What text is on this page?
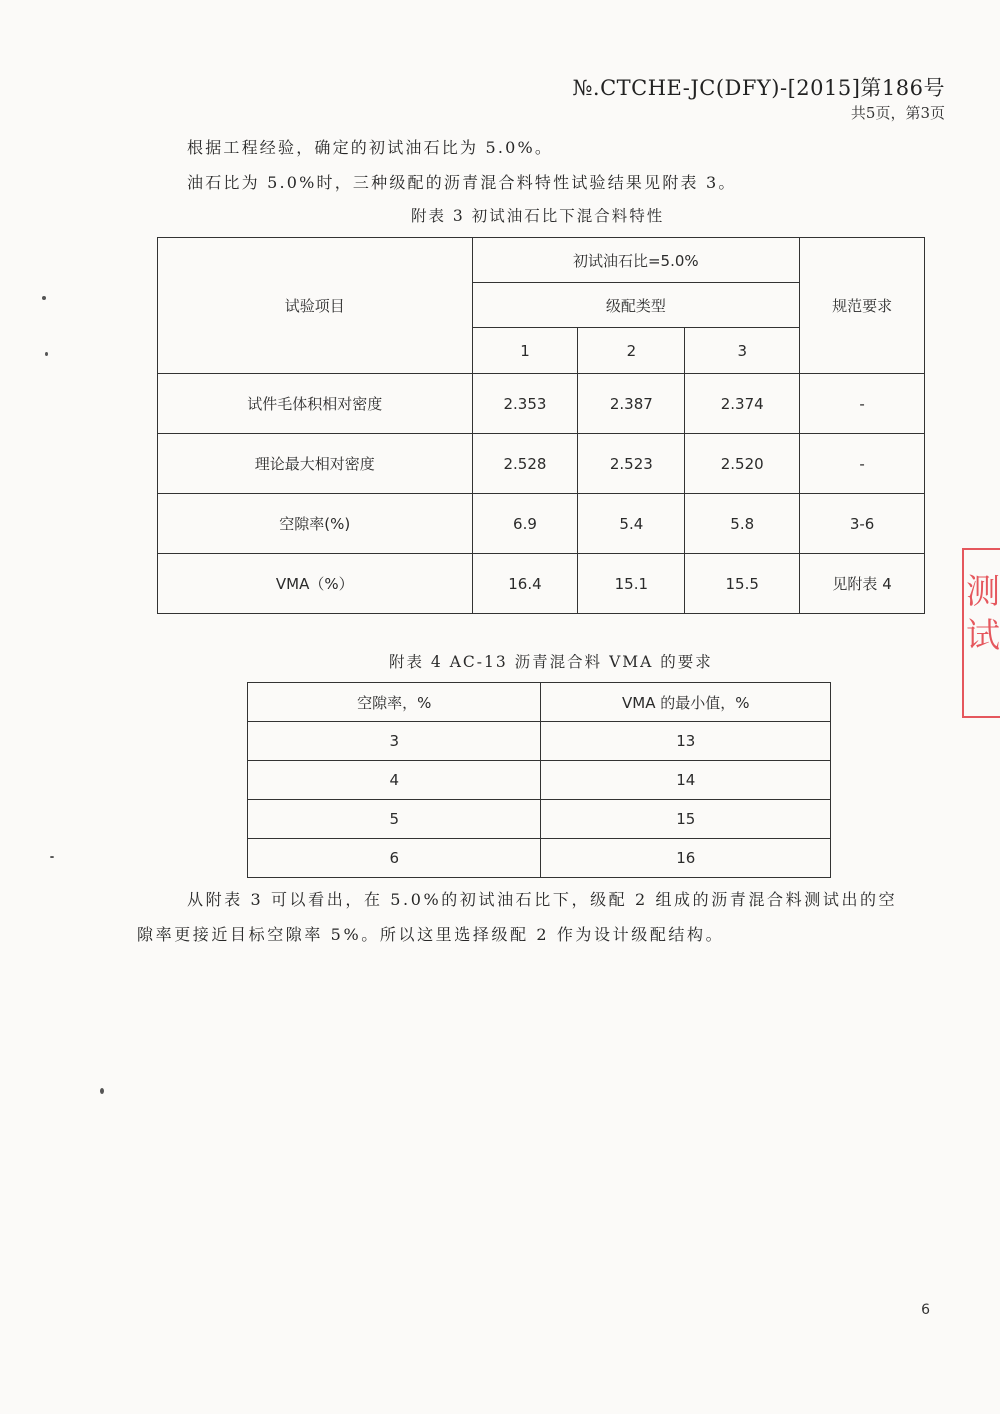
№.CTCHE-JC(DFY)-[2015]第186号
共5页，第3页
根据工程经验，确定的初试油石比为 5.0%。
油石比为 5.0%时，三种级配的沥青混合料特性试验结果见附表 3。
附表 3 初试油石比下混合料特性
试验项目	初试油石比=5.0%			规范要求
	级配类型			
	1	2	3	
试件毛体积相对密度	2.353	2.387	2.374	-
理论最大相对密度	2.528	2.523	2.520	-
空隙率(%)	6.9	5.4	5.8	3-6
VMA（%）	16.4	15.1	15.5	见附表 4
附表 4 AC-13 沥青混合料 VMA 的要求
空隙率，%	VMA 的最小值，%
3	13
4	14
5	15
6	16
从附表 3 可以看出，在 5.0%的初试油石比下，级配 2 组成的沥青混合料测试出的空
隙率更接近目标空隙率 5%。所以这里选择级配 2 作为设计级配结构。
测 试
6
